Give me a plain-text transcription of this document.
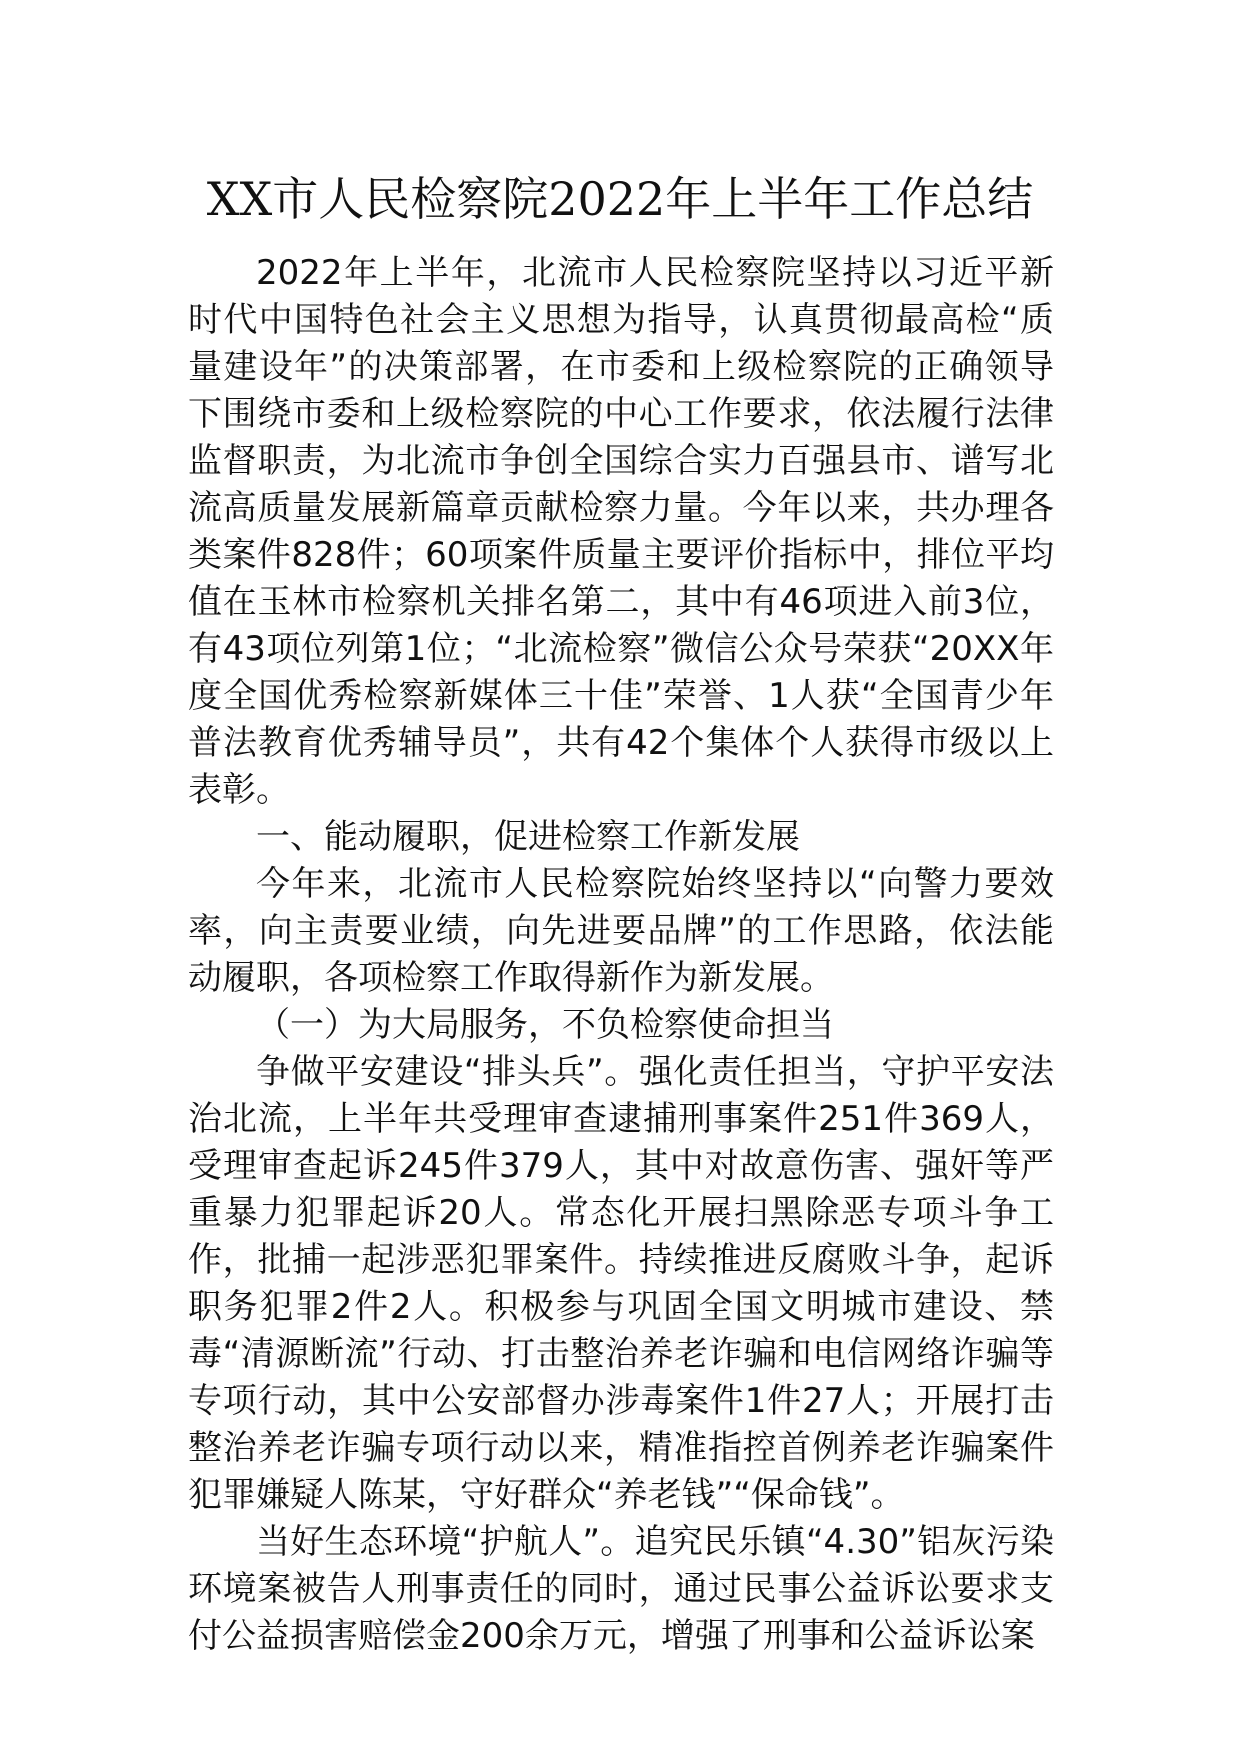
XX市人民检察院2022年上半年工作总结

2022年上半年，北流市人民检察院坚持以习近平新时代中国特色社会主义思想为指导，认真贯彻最高检“质量建设年”的决策部署，在市委和上级检察院的正确领导下围绕市委和上级检察院的中心工作要求，依法履行法律监督职责，为北流市争创全国综合实力百强县市、谱写北流高质量发展新篇章贡献检察力量。今年以来，共办理各类案件828件；60项案件质量主要评价指标中，排位平均值在玉林市检察机关排名第二，其中有46项进入前3位，有43项位列第1位；“北流检察”微信公众号荣获“20XX年度全国优秀检察新媒体三十佳”荣誉、1人获“全国青少年普法教育优秀辅导员”，共有42个集体个人获得市级以上表彰。

一、能动履职，促进检察工作新发展

今年来，北流市人民检察院始终坚持以“向警力要效率，向主责要业绩，向先进要品牌”的工作思路，依法能动履职，各项检察工作取得新作为新发展。

（一）为大局服务，不负检察使命担当

争做平安建设“排头兵”。强化责任担当，守护平安法治北流，上半年共受理审查逮捕刑事案件251件369人，受理审查起诉245件379人，其中对故意伤害、强奸等严重暴力犯罪起诉20人。常态化开展扫黑除恶专项斗争工作，批捕一起涉恶犯罪案件。持续推进反腐败斗争，起诉职务犯罪2件2人。积极参与巩固全国文明城市建设、禁毒“清源断流”行动、打击整治养老诈骗和电信网络诈骗等专项行动，其中公安部督办涉毒案件1件27人；开展打击整治养老诈骗专项行动以来，精准指控首例养老诈骗案件犯罪嫌疑人陈某，守好群众“养老钱”“保命钱”。

当好生态环境“护航人”。追究民乐镇“4.30”铝灰污染环境案被告人刑事责任的同时，通过民事公益诉讼要求支付公益损害赔偿金200余万元，增强了刑事和公益诉讼案
